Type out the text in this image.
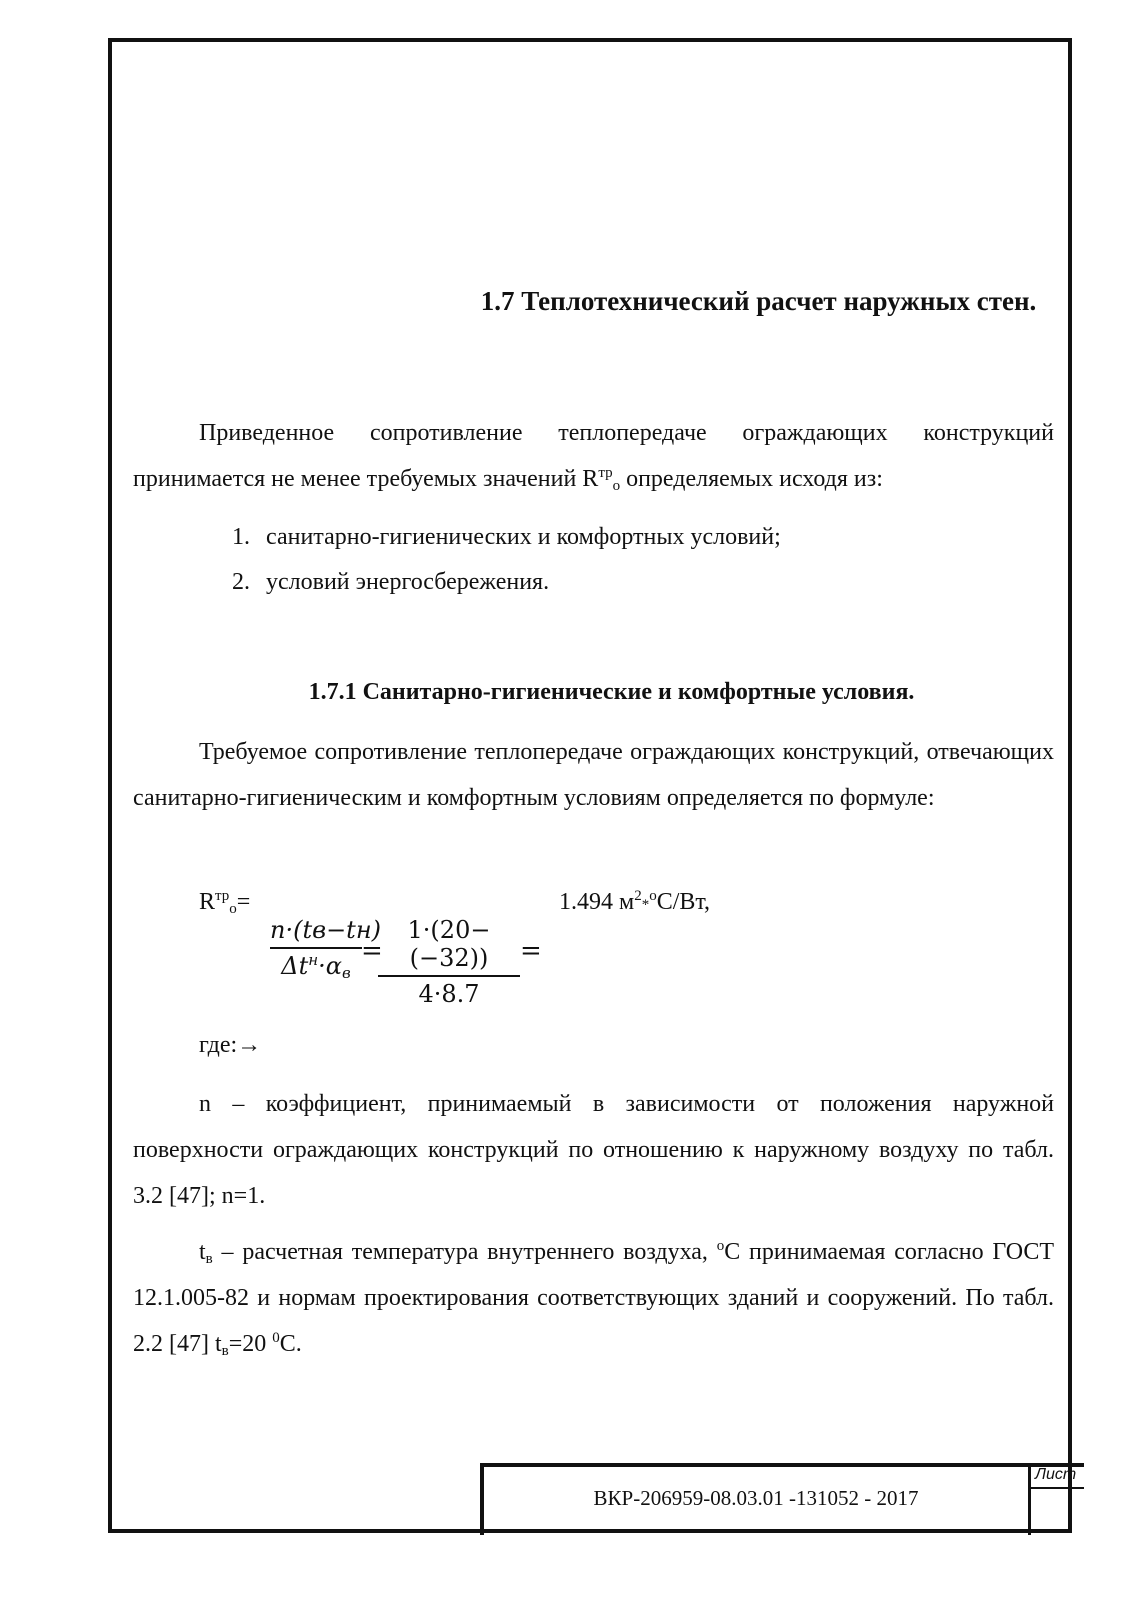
1.7 Теплотехнический расчет наружных стен.

Приведенное сопротивление теплопередаче ограждающих конструкций принимается не менее требуемых значений $R^{тр}_о$ определяемых исходя из:

1. санитарно-гигиенических и комфортных условий;
2. условий энергосбережения.
1.7.1 Санитарно-гигиенические и комфортные условия.

Требуемое сопротивление теплопередаче ограждающих конструкций, отвечающих санитарно-гигиеническим и комфортным условиям определяется по формуле:

$R^{тр}_о=$
n·(tв−tн)
$\Delta t^н\cdot\alpha_в$
=
1·(20−(−32))
4·8.7
=
1.494 $м^2*^оС/Вт$,

где:→

n – коэффициент, принимаемый в зависимости от положения наружной поверхности ограждающих конструкций по отношению к наружному воздуху по табл. 3.2 [47]; n=1.

$t_в$ – расчетная температура внутреннего воздуха, $^о$С принимаемая согласно ГОСТ 12.1.005-82 и нормам проектирования соответствующих зданий и сооружений. По табл. 2.2 [47] $t_в=20$ $^0$С.

Лист
ВКР-206959-08.03.01 -131052 - 2017
